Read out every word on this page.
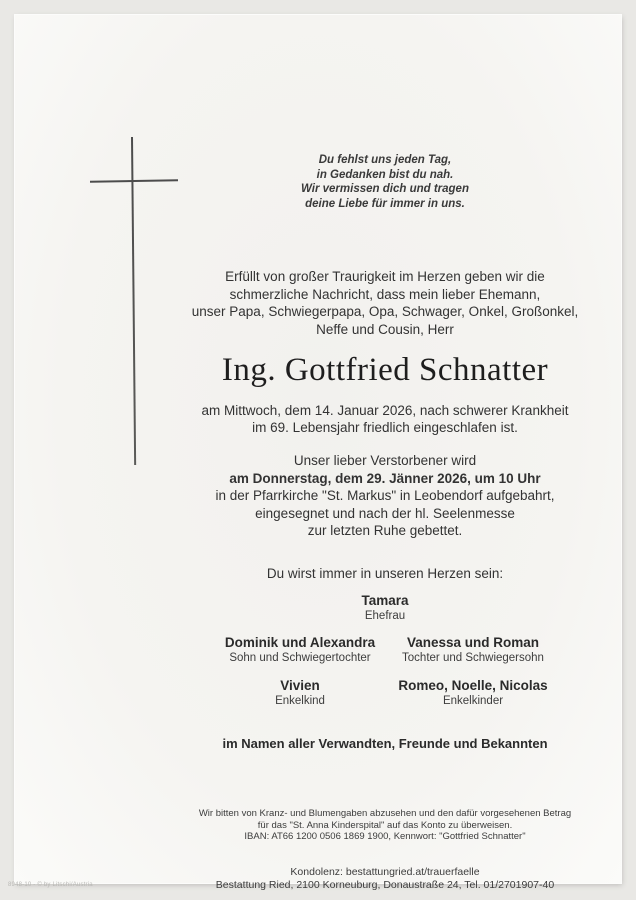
Du fehlst uns jeden Tag,
in Gedanken bist du nah.
Wir vermissen dich und tragen
deine Liebe für immer in uns.
Erfüllt von großer Traurigkeit im Herzen geben wir die
schmerzliche Nachricht, dass mein lieber Ehemann,
unser Papa, Schwiegerpapa, Opa, Schwager, Onkel, Großonkel,
Neffe und Cousin, Herr
Ing. Gottfried Schnatter
am Mittwoch, dem 14. Januar 2026, nach schwerer Krankheit
im 69. Lebensjahr friedlich eingeschlafen ist.
Unser lieber Verstorbener wird
am Donnerstag, dem 29. Jänner 2026, um 10 Uhr
in der Pfarrkirche "St. Markus" in Leobendorf aufgebahrt,
eingesegnet und nach der hl. Seelenmesse
zur letzten Ruhe gebettet.
Du wirst immer in unseren Herzen sein:
Tamara
Ehefrau
Dominik und Alexandra
Sohn und Schwiegertochter
Vivien
Enkelkind
Vanessa und Roman
Tochter und Schwiegersohn
Romeo, Noelle, Nicolas
Enkelkinder
im Namen aller Verwandten, Freunde und Bekannten
Wir bitten von Kranz- und Blumengaben abzusehen und den dafür vorgesehenen Betrag
für das "St. Anna Kinderspital" auf das Konto zu überweisen.
IBAN: AT66 1200 0506 1869 1900, Kennwort: "Gottfried Schnatter"
Kondolenz: bestattungried.at/trauerfaelle
Bestattung Ried, 2100 Korneuburg, Donaustraße 24, Tel. 01/2701907-40
8948-10 - © by Litschi/Austria
